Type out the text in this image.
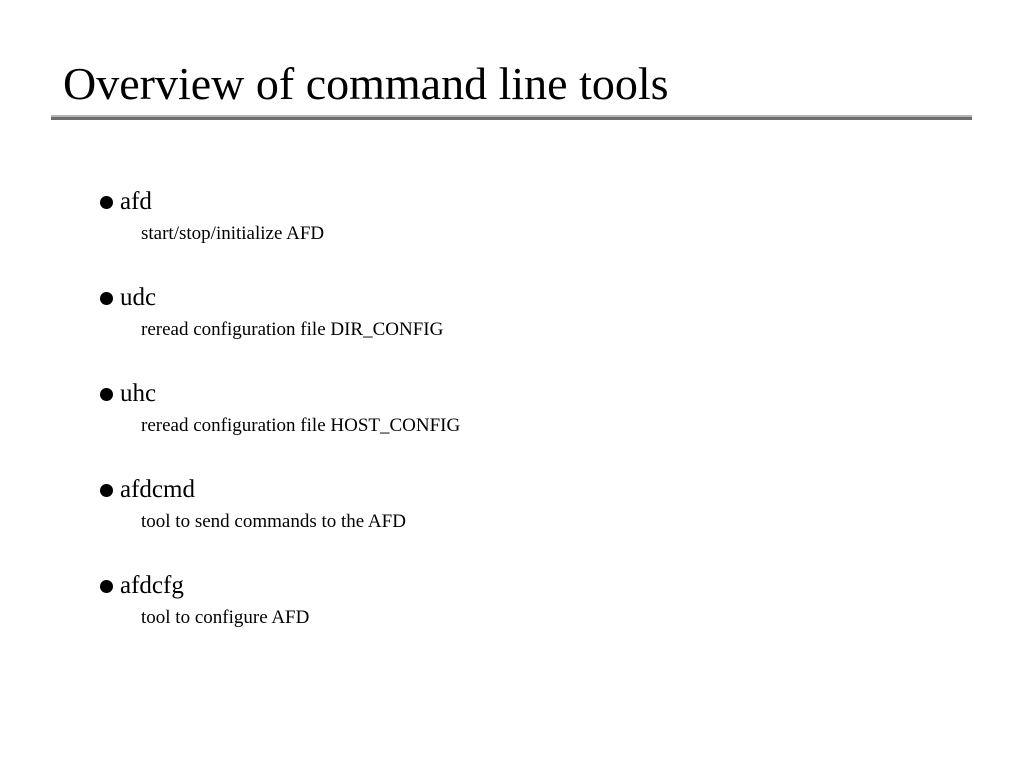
Overview of command line tools
afd
start/stop/initialize AFD
udc
reread configuration file DIR_CONFIG
uhc
reread configuration file HOST_CONFIG
afdcmd
tool to send commands to the AFD
afdcfg
tool to configure AFD
